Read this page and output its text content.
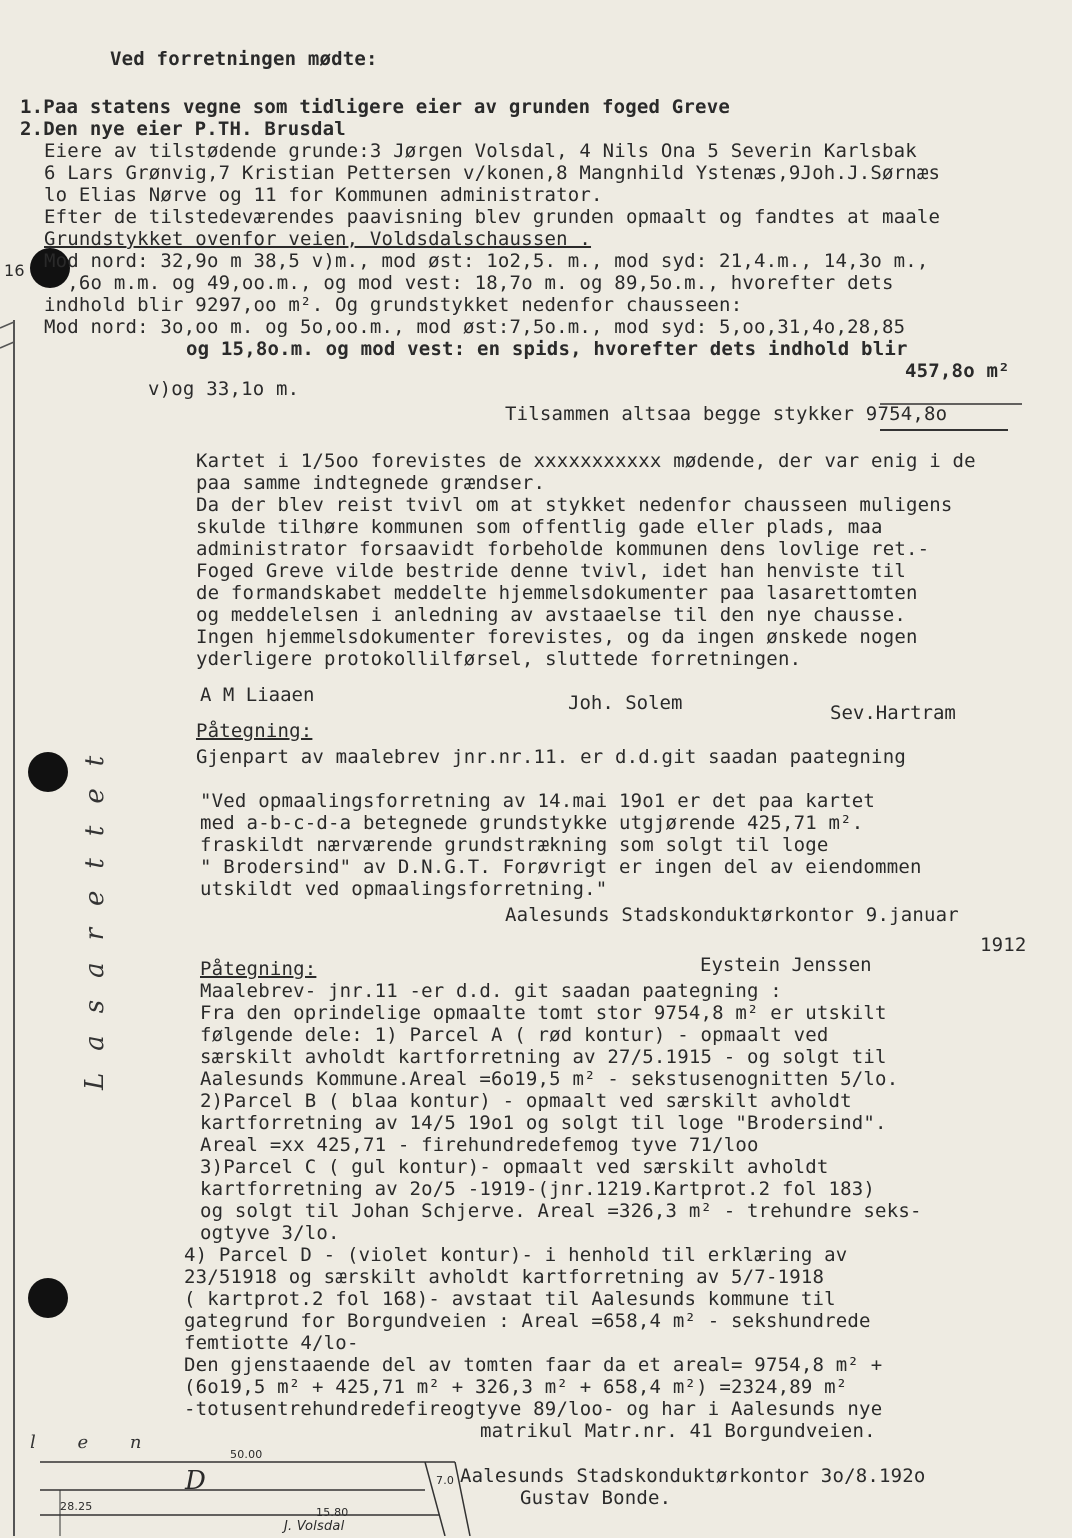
16
Lasarettet
l e n
Ved forretningen mødte:
1.Paa statens vegne som tidligere eier av grunden foged Greve
2.Den nye eier P.TH. Brusdal
Eiere av tilstødende grunde:3 Jørgen Volsdal, 4 Nils Ona 5 Severin Karlsbak
6 Lars Grønvig,7 Kristian Pettersen v/konen,8 Mangnhild Ystenæs,9Joh.J.Sørnæs
lo Elias Nørve og 11 for Kommunen administrator.
Efter de tilstedeværendes paavisning blev grunden opmaalt og fandtes at maale
Grundstykket ovenfor veien, Voldsdalschaussen .
Mod nord: 32,9o m 38,5 v)m., mod øst: 1o2,5. m., mod syd: 21,4.m., 14,3o m.,
,6o m.m. og 49,oo.m., og mod vest: 18,7o m. og 89,5o.m., hvorefter dets
indhold blir 9297,oo m². Og grundstykket nedenfor chausseen:
Mod nord: 3o,oo m. og 5o,oo.m., mod øst:7,5o.m., mod syd: 5,oo,31,4o,28,85
og 15,8o.m. og mod vest: en spids, hvorefter dets indhold blir
457,8o m²
v)og 33,1o m.
Tilsammen altsaa begge stykker 9754,8o
Kartet i 1/5oo forevistes de xxxxxxxxxxx mødende, der var enig i de
paa samme indtegnede grændser.
Da der blev reist tvivl om at stykket nedenfor chausseen muligens
skulde tilhøre kommunen som offentlig gade eller plads, maa
administrator forsaavidt forbeholde kommunen dens lovlige ret.-
Foged Greve vilde bestride denne tvivl, idet han henviste til
de formandskabet meddelte hjemmelsdokumenter paa lasarettomten
og meddelelsen i anledning av avstaaelse til den nye chausse.
Ingen hjemmelsdokumenter forevistes, og da ingen ønskede nogen
yderligere protokollilførsel, sluttede forretningen.
A M Liaaen	Joh. Solem	Sev.Hartram
Påtegning:
Gjenpart av maalebrev jnr.nr.11. er d.d.git saadan paategning
"Ved opmaalingsforretning av 14.mai 19o1 er det paa kartet
med a-b-c-d-a betegnede grundstykke utgjørende 425,71 m².
fraskildt nærværende grundstrækning som solgt til loge
" Brodersind" av D.N.G.T. Forøvrigt er ingen del av eiendommen
utskildt ved opmaalingsforretning."
Aalesunds Stadskonduktørkontor 9.januar
1912
Eystein Jenssen
Påtegning:
Maalebrev- jnr.11 -er d.d. git saadan paategning :
Fra den oprindelige opmaalte tomt stor 9754,8 m² er utskilt
følgende dele: 1) Parcel A ( rød kontur) - opmaalt ved
særskilt avholdt kartforretning av 27/5.1915 - og solgt til
Aalesunds Kommune.Areal =6o19,5 m² - sekstusenognitten 5/lo.
2)Parcel B ( blaa kontur) - opmaalt ved særskilt avholdt
kartforretning av 14/5 19o1 og solgt til loge "Brodersind".
Areal =xx 425,71 - firehundredefemog tyve 71/loo
3)Parcel C ( gul kontur)- opmaalt ved særskilt avholdt
kartforretning av 2o/5 -1919-(jnr.1219.Kartprot.2 fol 183)
og solgt til Johan Schjerve. Areal =326,3 m² - trehundre seks-
ogtyve 3/lo.
4) Parcel D - (violet kontur)- i henhold til erklæring av
23/51918 og særskilt avholdt kartforretning av 5/7-1918
( kartprot.2 fol 168)- avstaat til Aalesunds kommune til
gategrund for Borgundveien : Areal =658,4 m² - sekshundrede
femtiotte 4/lo-
Den gjenstaaende del av tomten faar da et areal= 9754,8 m² +
(6o19,5 m² + 425,71 m² + 326,3 m² + 658,4 m²) =2324,89 m²
-totusentrehundredefireogtyve 89/loo- og har i Aalesunds nye
matrikul Matr.nr. 41 Borgundveien.
Aalesunds Stadskonduktørkontor 3o/8.192o
Gustav Bonde.
D
50.00
28.25	15.80
7.0
J. Volsdal
